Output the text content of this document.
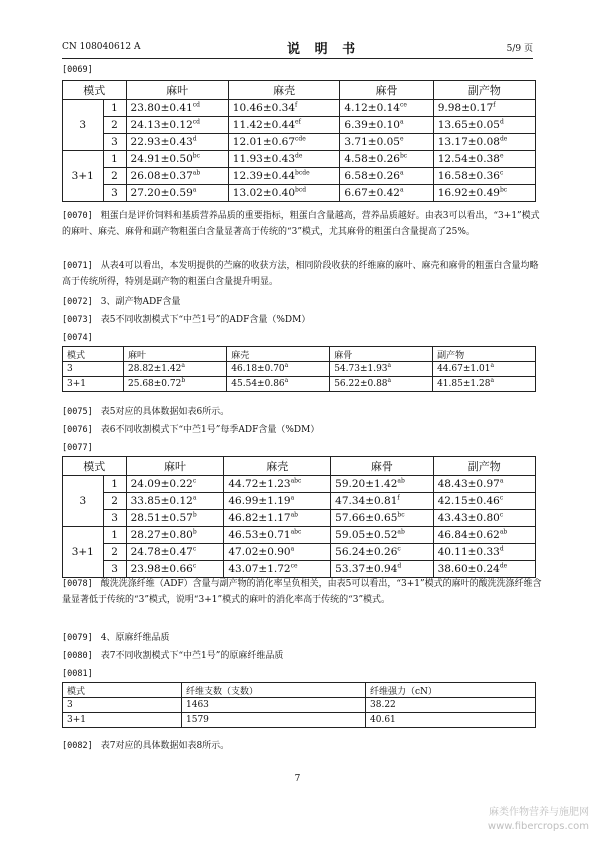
CN 108040612 A	说 明 书	5/9 页
[0069]
模式		麻叶	麻壳	麻骨	副产物
3	1	23.80±0.41$^{cd}$	10.46±0.34$^f$	4.12±0.14$^{ce}$	9.98±0.17$^f$
	2	24.13±0.12$^{cd}$	11.42±0.44$^{ef}$	6.39±0.10$^a$	13.65±0.05$^d$
	3	22.93±0.43$^d$	12.01±0.67$^{cde}$	3.71±0.05$^e$	13.17±0.08de
3+1	1	24.91±0.50$^{bc}$	11.93±0.43de	4.58±0.26$^{bc}$	12.54±0.38$^e$
	2	26.08±0.37$^{ab}$	$12.39\pm 0.44^{bcde}$	6.58±0.26$^a$	16.58±0.36$^c$
	3	27.20±0.59$^a$	13.02±0.40$^{bcd}$	6.67±0.42$^a$	16.92±0.49$^{bc}$
[0070] 粗蛋白是评价饲料和基质营养品质的重要指标，粗蛋白含量越高，营养品质越好。由表3可以看出，“3+1”模式的麻叶、麻壳、麻骨和副产物粗蛋白含量显著高于传统的“3”模式，尤其麻骨的粗蛋白含量提高了25%。
[0071] 从表4可以看出，本发明提供的苎麻的收获方法，相同阶段收获的纤维麻的麻叶、麻壳和麻骨的粗蛋白含量均略高于传统所得，特别是副产物的粗蛋白含量提升明显。
[0072] 3、副产物ADF含量
[0073] 表5不同收割模式下“中苎1号”的ADF含量（%DM）
[0074]
模式	麻叶	麻壳	麻骨	副产物
3	28.82±1.42$^a$	46.18±0.70$^a$	54.73±1.93$^a$	44.67±1.01$^a$
3+1	25.68±0.72$^b$	45.54±0.86$^a$	56.22±0.88$^a$	41.85±1.28$^a$
[0075] 表5对应的具体数据如表6所示。
[0076] 表6不同收割模式下“中苎1号”每季ADF含量（%DM）
[0077]
模式		麻叶	麻壳	麻骨	副产物
3	1	24.09±0.22$^c$	44.72±1.23$^{abc}$	59.20±1.42$^{ab}$	48.43±0.97$^a$
	2	33.85±0.12$^a$	46.99±1.19$^a$	47.34±0.81$^f$	42.15±0.46$^c$
	3	28.51±0.57$^b$	46.82±1.17$^{ab}$	57.66±0.65$^{bc}$	43.43±0.80$^c$
3+1	1	28.27±0.80$^b$	46.53±0.71$^{abc}$	59.05±0.52$^{ab}$	46.84±0.62$^{ab}$
	2	24.78±0.47$^c$	47.02±0.90$^a$	56.24±0.26$^c$	40.11±0.33$^d$
	3	23.98±0.66$^c$	43.07±1.72$^{ce}$	53.37±0.94$^d$	38.60±0.24de
[0078] 酸洗洗涤纤维（ADF）含量与副产物的消化率呈负相关，由表5可以看出，“3+1”模式的麻叶的酸洗洗涤纤维含量显著低于传统的“3”模式，说明“3+1”模式的麻叶的消化率高于传统的“3”模式。
[0079] 4、原麻纤维品质
[0080] 表7不同收割模式下“中苎1号”的原麻纤维品质
[0081]
模式	纤维支数（支数）	纤维强力（cN）
3	1463	38.22
3+1	1579	40.61
[0082] 表7对应的具体数据如表8所示。
7
麻类作物营养与施肥网
www.fibercrops.com
